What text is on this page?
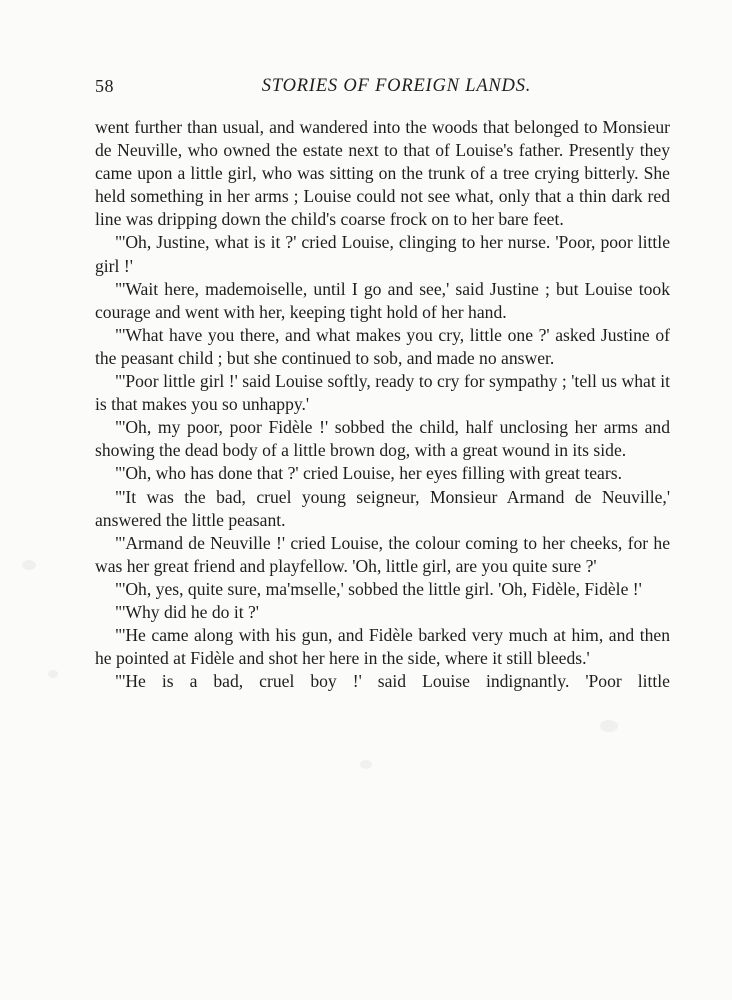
58	STORIES OF FOREIGN LANDS.

went further than usual, and wandered into the woods that belonged to Monsieur de Neuville, who owned the estate next to that of Louise's father. Presently they came upon a little girl, who was sitting on the trunk of a tree crying bitterly. She held something in her arms ; Louise could not see what, only that a thin dark red line was dripping down the child's coarse frock on to her bare feet.

"'Oh, Justine, what is it ?' cried Louise, clinging to her nurse. 'Poor, poor little girl !'

"'Wait here, mademoiselle, until I go and see,' said Justine ; but Louise took courage and went with her, keeping tight hold of her hand.

"'What have you there, and what makes you cry, little one ?' asked Justine of the peasant child ; but she continued to sob, and made no answer.

"'Poor little girl !' said Louise softly, ready to cry for sympathy ; 'tell us what it is that makes you so unhappy.'

"'Oh, my poor, poor Fidèle !' sobbed the child, half unclosing her arms and showing the dead body of a little brown dog, with a great wound in its side.

"'Oh, who has done that ?' cried Louise, her eyes filling with great tears.

"'It was the bad, cruel young seigneur, Monsieur Armand de Neuville,' answered the little peasant.

"'Armand de Neuville !' cried Louise, the colour coming to her cheeks, for he was her great friend and playfellow. 'Oh, little girl, are you quite sure ?'

"'Oh, yes, quite sure, ma'mselle,' sobbed the little girl. 'Oh, Fidèle, Fidèle !'

"'Why did he do it ?'

"'He came along with his gun, and Fidèle barked very much at him, and then he pointed at Fidèle and shot her here in the side, where it still bleeds.'

"'He is a bad, cruel boy !' said Louise indignantly. 'Poor little
